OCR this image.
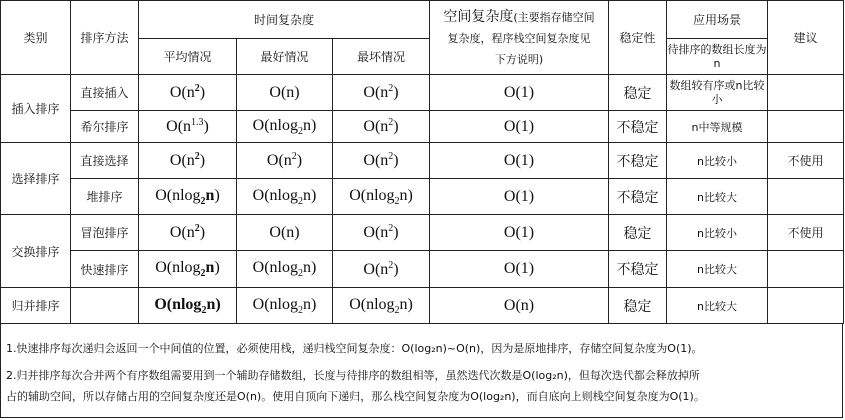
类别	排序方法	时间复杂度			空间复杂度(主要指存储空间
复杂度，程序栈空间复杂度见
下方说明)	稳定性	应用场景	建议
		平均情况	最好情况	最坏情况			待排序的数组长度为n	
插入排序	直接插入	$O(n^2)$	O(n)	$O(n^2)$	O(1)	稳定	数组较有序或n比较小	
	希尔排序	$O(n^{1.3})$	O(nlog$_2$n)	$O(n^2)$	O(1)	不稳定	n中等规模	
选择排序	直接选择	$O(n^2)$	$O(n^2)$	$O(n^2)$	O(1)	不稳定	n比较小	不使用
	堆排序	O(nlog$_2$n)	O(nlog$_2$n)	O(nlog$_2$n)	O(1)	不稳定	n比较大	
交换排序	冒泡排序	$O(n^2)$	O(n)	$O(n^2)$	O(1)	稳定	n比较小	不使用
	快速排序	O(nlog$_2$n)	O(nlog$_2$n)	$O(n^2)$	O(1)	不稳定	n比较大	
归并排序		O(nlog$_2$n)	O(nlog$_2$n)	O(nlog$_2$n)	O(n)	稳定	n比较大	
1.快速排序每次递归会返回一个中间值的位置，必须使用栈，递归栈空间复杂度：O(log₂n)~O(n)，因为是原地排序，存储空间复杂度为O(1)。
2.归并排序每次合并两个有序数组需要用到一个辅助存储数组，长度与待排序的数组相等，虽然迭代次数是O(log₂n)，但每次迭代都会释放掉所
占的辅助空间，所以存储占用的空间复杂度还是O(n)。使用自顶向下递归，那么栈空间复杂度为O(log₂n)，而自底向上则栈空间复杂度为O(1)。
